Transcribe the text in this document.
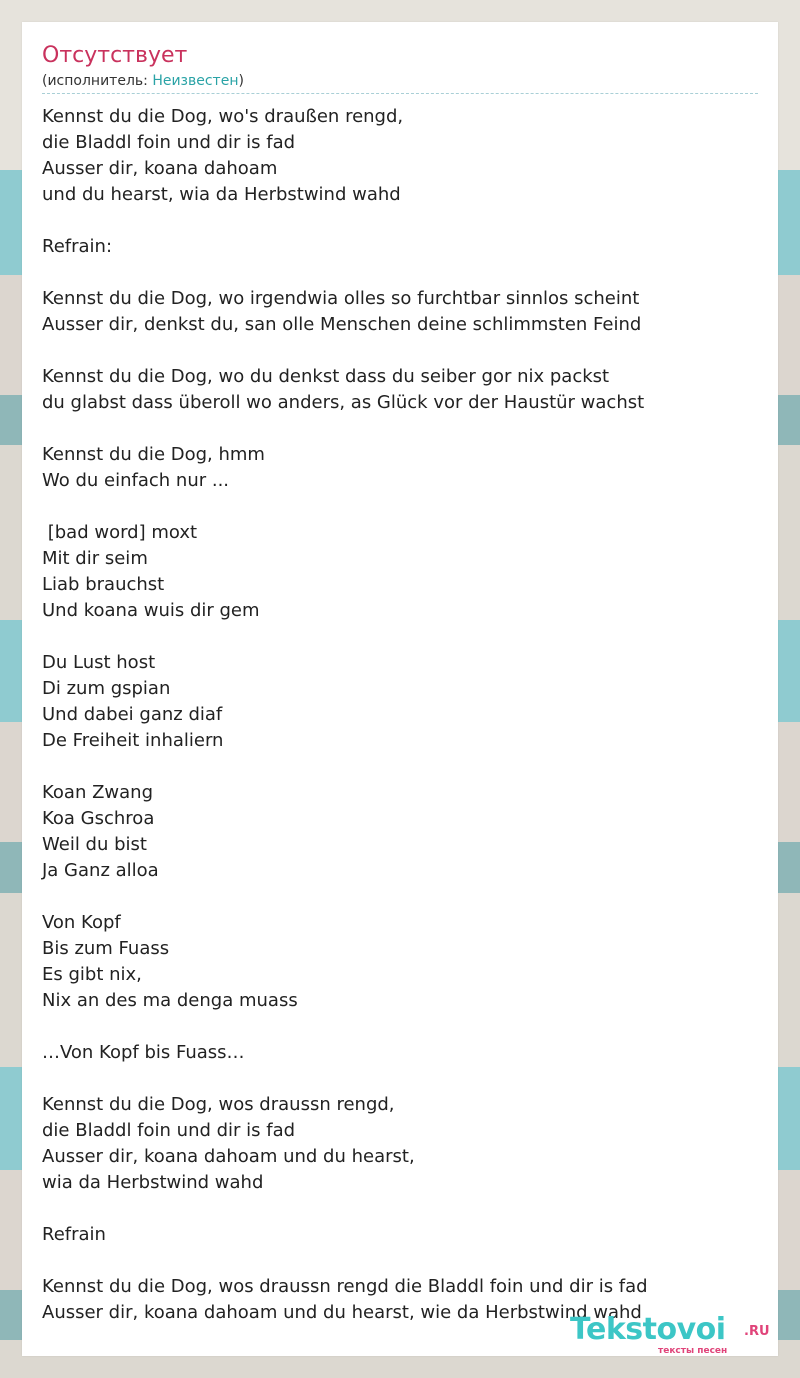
Отсутствует
(исполнитель: Неизвестен)
Kennst du die Dog, wo's draußen rengd,
die Bladdl foin und dir is fad
Ausser dir, koana dahoam
und du hearst, wia da Herbstwind wahd
Refrain:
Kennst du die Dog, wo irgendwia olles so furchtbar sinnlos scheint
Ausser dir, denkst du, san olle Menschen deine schlimmsten Feind
Kennst du die Dog, wo du denkst dass du seiber gor nix packst
du glabst dass überoll wo anders, as Glück vor der Haustür wachst
Kennst du die Dog, hmm
Wo du einfach nur ...
[bad word] moxt
Mit dir seim
Liab brauchst
Und koana wuis dir gem
Du Lust host
Di zum gspian
Und dabei ganz diaf
De Freiheit inhaliern
Koan Zwang
Koa Gschroa
Weil du bist
Ja Ganz alloa
Von Kopf
Bis zum Fuass
Es gibt nix,
Nix an des ma denga muass
…Von Kopf bis Fuass…
Kennst du die Dog, wos draussn rengd,
die Bladdl foin und dir is fad
Ausser dir, koana dahoam und du hearst,
wia da Herbstwind wahd
Refrain
Kennst du die Dog, wos draussn rengd die Bladdl foin und dir is fad
Ausser dir, koana dahoam und du hearst, wie da Herbstwind wahd
Tekstovoi .RU
тексты песен
